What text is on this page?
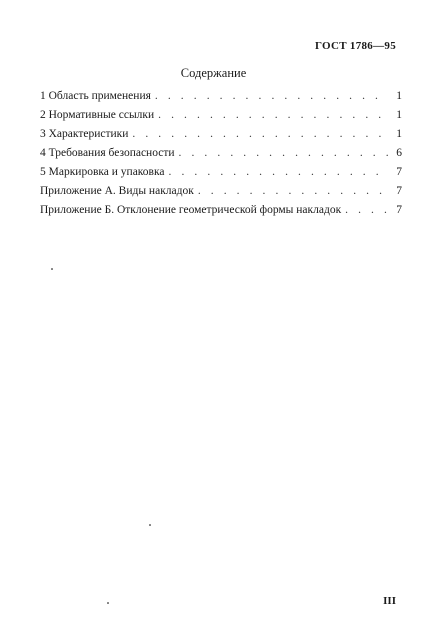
ГОСТ 1786—95
Содержание
1 Область применения . . .	1
2 Нормативные ссылки . . .	1
3 Характеристики . . .	1
4 Требования безопасности . . .	6
5 Маркировка и упаковка . . .	7
Приложение А. Виды накладок . . .	7
Приложение Б. Отклонение геометрической формы накладок . . .	7
III
